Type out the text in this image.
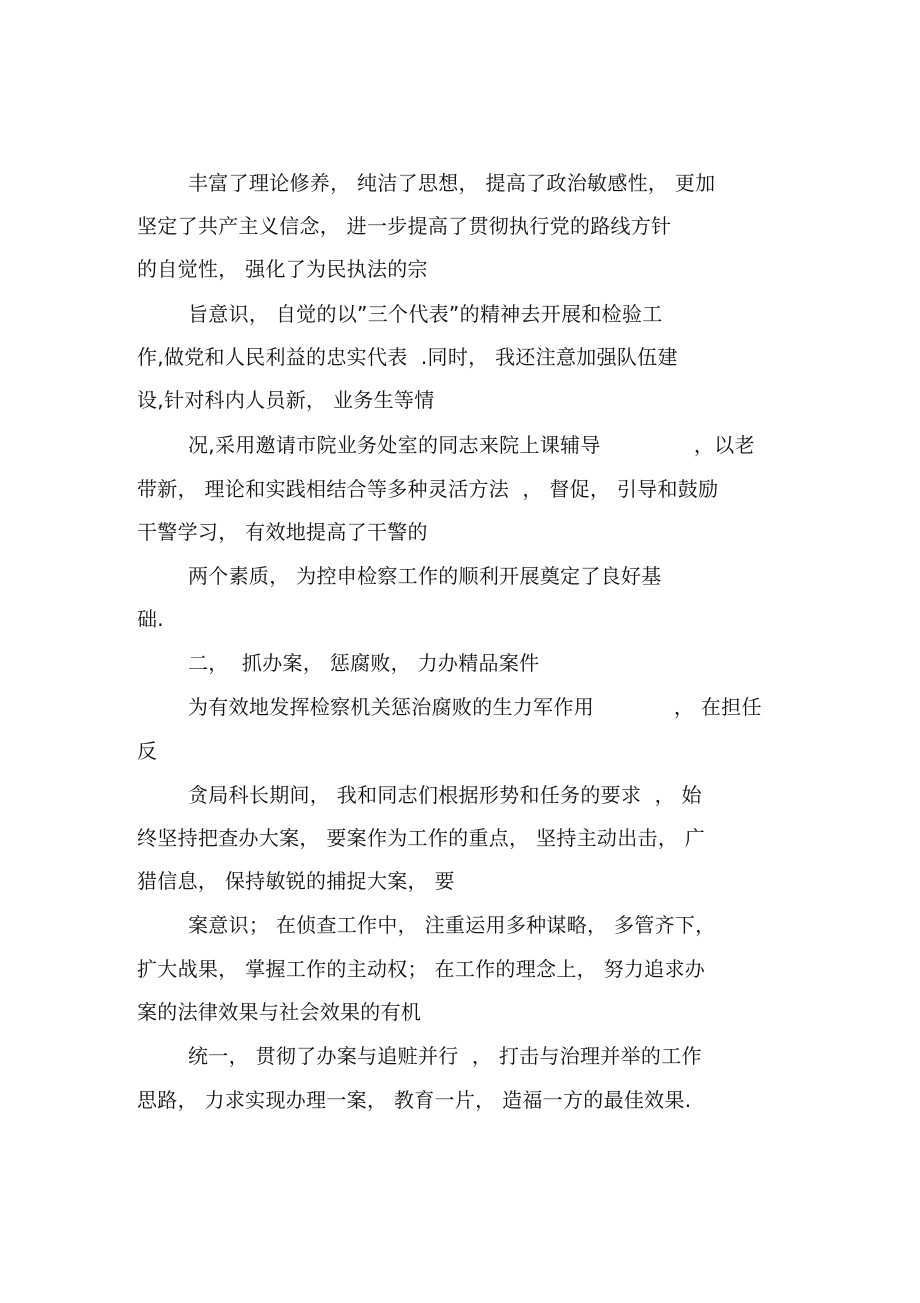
丰富了理论修养， 纯洁了思想， 提高了政治敏感性， 更加
坚定了共产主义信念， 进一步提高了贯彻执行党的路线方针
的自觉性， 强化了为民执法的宗
旨意识， 自觉的以”三个代表”的精神去开展和检验工
作,做党和人民利益的忠实代表  .同时， 我还注意加强队伍建
设,针对科内人员新， 业务生等情
况,采用邀请市院业务处室的同志来院上课辅导              ，以老
带新， 理论和实践相结合等多种灵活方法  ， 督促， 引导和鼓励
干警学习， 有效地提高了干警的
两个素质， 为控申检察工作的顺利开展奠定了良好基
础.
二，  抓办案， 惩腐败， 力办精品案件
为有效地发挥检察机关惩治腐败的生力军作用            ， 在担任
反
贪局科长期间， 我和同志们根据形势和任务的要求  ， 始
终坚持把查办大案， 要案作为工作的重点， 坚持主动出击， 广
猎信息， 保持敏锐的捕捉大案， 要
案意识； 在侦查工作中， 注重运用多种谋略， 多管齐下，
扩大战果， 掌握工作的主动权； 在工作的理念上， 努力追求办
案的法律效果与社会效果的有机
统一， 贯彻了办案与追赃并行  ， 打击与治理并举的工作
思路， 力求实现办理一案， 教育一片， 造福一方的最佳效果.
